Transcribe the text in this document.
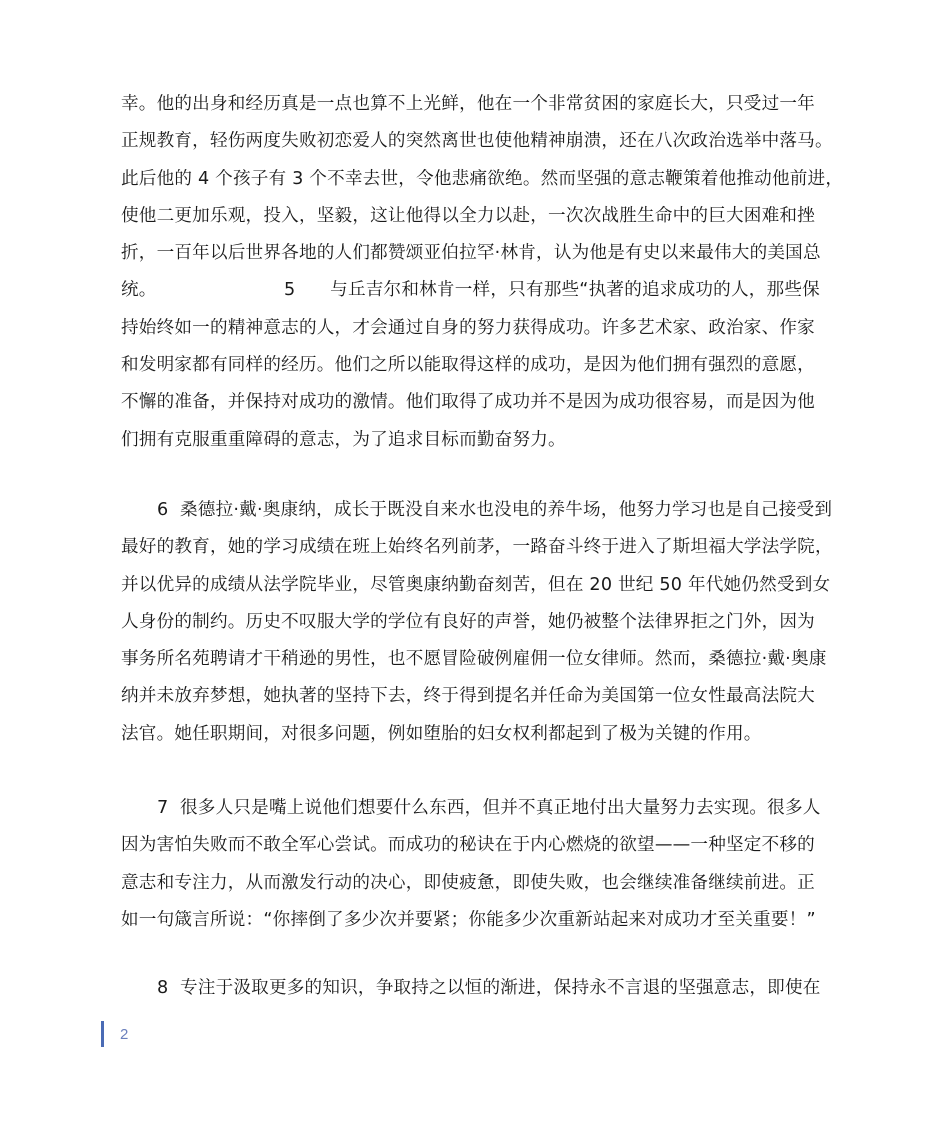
幸。他的出身和经历真是一点也算不上光鲜，他在一个非常贫困的家庭长大，只受过一年
正规教育，轻伤两度失败初恋爱人的突然离世也使他精神崩溃，还在八次政治选举中落马。
此后他的 4 个孩子有 3 个不幸去世，令他悲痛欲绝。然而坚强的意志鞭策着他推动他前进，
使他二更加乐观，投入，坚毅，这让他得以全力以赴，一次次战胜生命中的巨大困难和挫
折，一百年以后世界各地的人们都赞颂亚伯拉罕·林肯，认为他是有史以来最伟大的美国总
统。                      5      与丘吉尔和林肯一样，只有那些“执著的追求成功的人，那些保
持始终如一的精神意志的人，才会通过自身的努力获得成功。许多艺术家、政治家、作家
和发明家都有同样的经历。他们之所以能取得这样的成功，是因为他们拥有强烈的意愿，
不懈的准备，并保持对成功的激情。他们取得了成功并不是因为成功很容易，而是因为他
们拥有克服重重障碍的意志，为了追求目标而勤奋努力。
6  桑德拉·戴·奥康纳，成长于既没自来水也没电的养牛场，他努力学习也是自己接受到
最好的教育，她的学习成绩在班上始终名列前茅，一路奋斗终于进入了斯坦福大学法学院，
并以优异的成绩从法学院毕业，尽管奥康纳勤奋刻苦，但在 20 世纪 50 年代她仍然受到女
人身份的制约。历史不叹服大学的学位有良好的声誉，她仍被整个法律界拒之门外，因为
事务所名苑聘请才干稍逊的男性，也不愿冒险破例雇佣一位女律师。然而，桑德拉·戴·奥康
纳并未放弃梦想，她执著的坚持下去，终于得到提名并任命为美国第一位女性最高法院大
法官。她任职期间，对很多问题，例如堕胎的妇女权利都起到了极为关键的作用。
7  很多人只是嘴上说他们想要什么东西，但并不真正地付出大量努力去实现。很多人
因为害怕失败而不敢全军心尝试。而成功的秘诀在于内心燃烧的欲望——一种坚定不移的
意志和专注力，从而激发行动的决心，即使疲惫，即使失败，也会继续准备继续前进。正
如一句箴言所说：“你摔倒了多少次并要紧；你能多少次重新站起来对成功才至关重要！”
8  专注于汲取更多的知识，争取持之以恒的渐进，保持永不言退的坚强意志，即使在
2
